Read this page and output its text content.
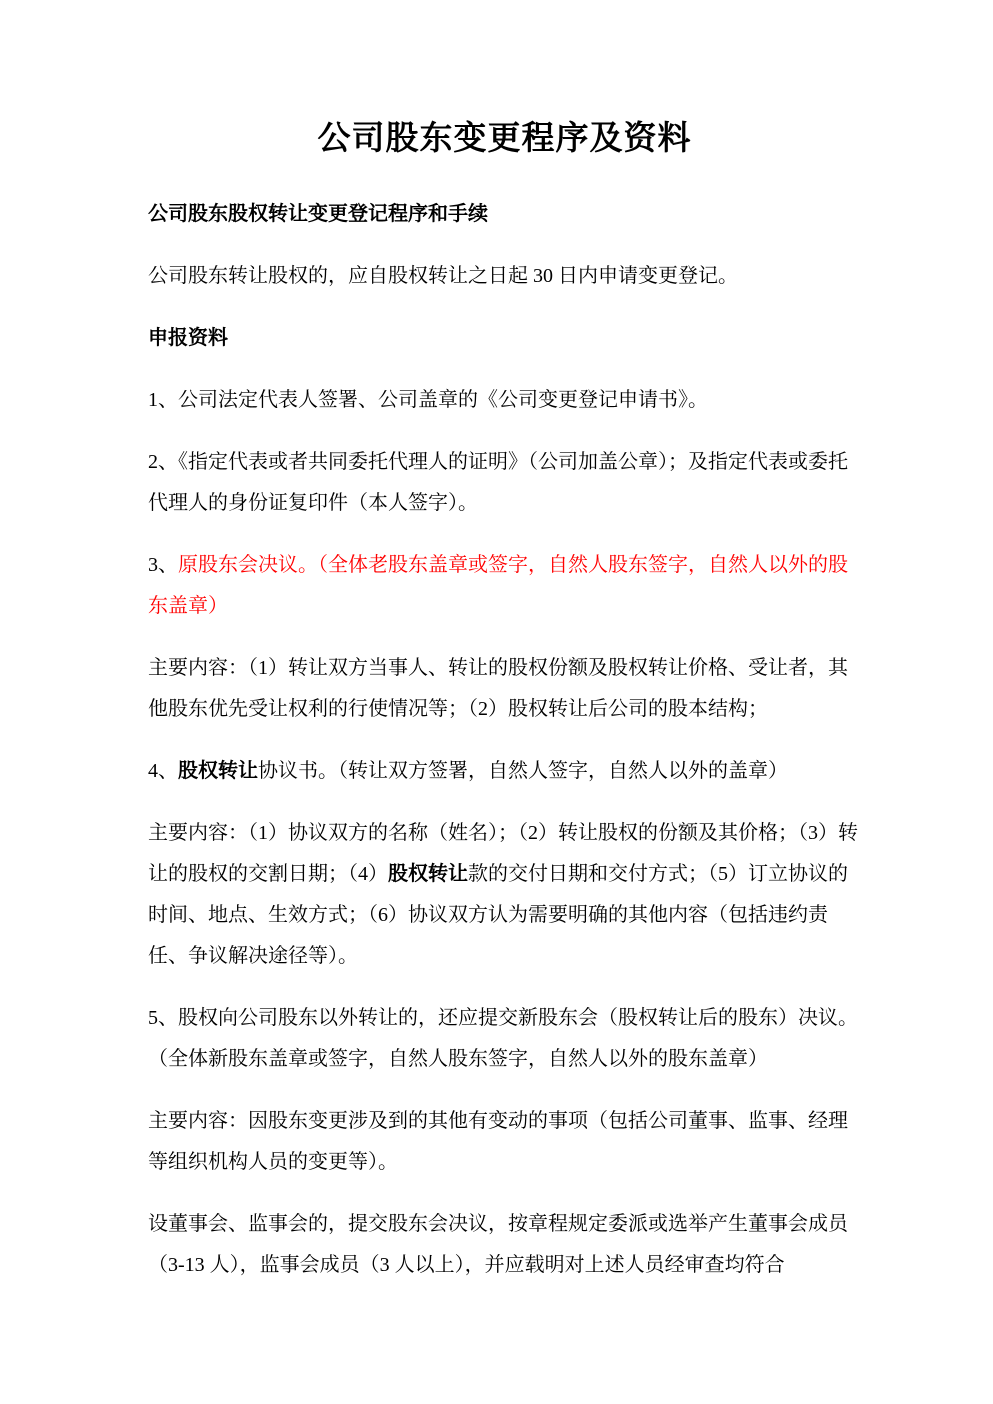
公司股东变更程序及资料

公司股东股权转让变更登记程序和手续

公司股东转让股权的，应自股权转让之日起 30 日内申请变更登记。

申报资料

1、公司法定代表人签署、公司盖章的《公司变更登记申请书》。

2、《指定代表或者共同委托代理人的证明》（公司加盖公章）；及指定代表或委托代理人的身份证复印件（本人签字）。

3、原股东会决议。（全体老股东盖章或签字，自然人股东签字，自然人以外的股东盖章）

主要内容：（1）转让双方当事人、转让的股权份额及股权转让价格、受让者，其他股东优先受让权利的行使情况等；（2）股权转让后公司的股本结构；

4、股权转让协议书。（转让双方签署，自然人签字，自然人以外的盖章）

主要内容：（1）协议双方的名称（姓名）；（2）转让股权的份额及其价格；（3）转让的股权的交割日期；（4）股权转让款的交付日期和交付方式；（5）订立协议的时间、地点、生效方式；（6）协议双方认为需要明确的其他内容（包括违约责任、争议解决途径等）。

5、股权向公司股东以外转让的，还应提交新股东会（股权转让后的股东）决议。（全体新股东盖章或签字，自然人股东签字，自然人以外的股东盖章）

主要内容：因股东变更涉及到的其他有变动的事项（包括公司董事、监事、经理等组织机构人员的变更等）。

设董事会、监事会的，提交股东会决议，按章程规定委派或选举产生董事会成员（3-13 人），监事会成员（3 人以上），并应载明对上述人员经审查均符合
